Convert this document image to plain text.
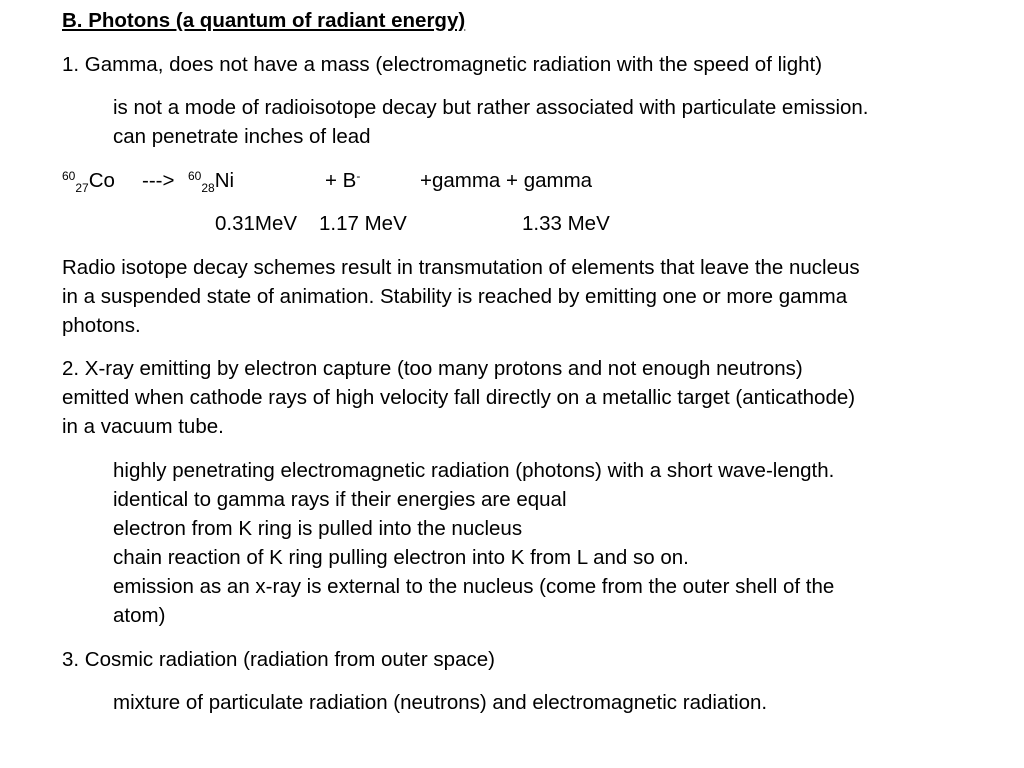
B. Photons (a quantum of radiant energy)
1. Gamma, does not have a mass (electromagnetic radiation with the speed of light)
is not a mode of radioisotope decay but rather associated with particulate emission.
can penetrate inches of lead
$^{60}_{27}$Co ---> $^{60}_{28}$Ni	+ B-	+gamma + gamma
0.31MeV 1.17 MeV	1.33 MeV
Radio isotope decay schemes result in transmutation of elements that leave the nucleus
in a suspended state of animation. Stability is reached by emitting one or more gamma
photons.
2. X-ray emitting by electron capture (too many protons and not enough neutrons)
emitted when cathode rays of high velocity fall directly on a metallic target (anticathode)
in a vacuum tube.
highly penetrating electromagnetic radiation (photons) with a short wave-length.
identical to gamma rays if their energies are equal
electron from K ring is pulled into the nucleus
chain reaction of K ring pulling electron into K from L and so on.
emission as an x-ray is external to the nucleus (come from the outer shell of the
atom)
3. Cosmic radiation (radiation from outer space)
mixture of particulate radiation (neutrons) and electromagnetic radiation.
